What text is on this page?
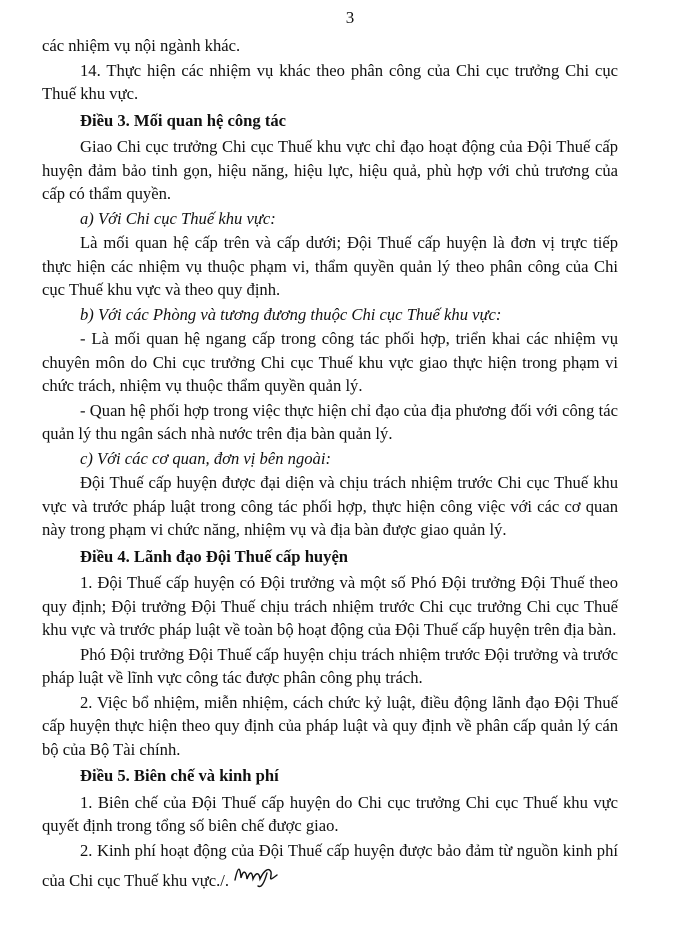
3

các nhiệm vụ nội ngành khác.

14. Thực hiện các nhiệm vụ khác theo phân công của Chi cục trưởng Chi cục Thuế khu vực.

Điều 3. Mối quan hệ công tác

Giao Chi cục trưởng Chi cục Thuế khu vực chỉ đạo hoạt động của Đội Thuế cấp huyện đảm bảo tinh gọn, hiệu năng, hiệu lực, hiệu quả, phù hợp với chủ trương của cấp có thẩm quyền.

a) Với Chi cục Thuế khu vực:

Là mối quan hệ cấp trên và cấp dưới; Đội Thuế cấp huyện là đơn vị trực tiếp thực hiện các nhiệm vụ thuộc phạm vi, thẩm quyền quản lý theo phân công của Chi cục Thuế khu vực và theo quy định.

b) Với các Phòng và tương đương thuộc Chi cục Thuế khu vực:

- Là mối quan hệ ngang cấp trong công tác phối hợp, triển khai các nhiệm vụ chuyên môn do Chi cục trưởng Chi cục Thuế khu vực giao thực hiện trong phạm vi chức trách, nhiệm vụ thuộc thẩm quyền quản lý.

- Quan hệ phối hợp trong việc thực hiện chỉ đạo của địa phương đối với công tác quản lý thu ngân sách nhà nước trên địa bàn quản lý.

c) Với các cơ quan, đơn vị bên ngoài:

Đội Thuế cấp huyện được đại diện và chịu trách nhiệm trước Chi cục Thuế khu vực và trước pháp luật trong công tác phối hợp, thực hiện công việc với các cơ quan này trong phạm vi chức năng, nhiệm vụ và địa bàn được giao quản lý.

Điều 4. Lãnh đạo Đội Thuế cấp huyện

1. Đội Thuế cấp huyện có Đội trưởng và một số Phó Đội trưởng Đội Thuế theo quy định; Đội trưởng Đội Thuế chịu trách nhiệm trước Chi cục trưởng Chi cục Thuế khu vực và trước pháp luật về toàn bộ hoạt động của Đội Thuế cấp huyện trên địa bàn.

Phó Đội trưởng Đội Thuế cấp huyện chịu trách nhiệm trước Đội trưởng và trước pháp luật về lĩnh vực công tác được phân công phụ trách.

2. Việc bổ nhiệm, miễn nhiệm, cách chức kỷ luật, điều động lãnh đạo Đội Thuế cấp huyện thực hiện theo quy định của pháp luật và quy định về phân cấp quản lý cán bộ của Bộ Tài chính.

Điều 5. Biên chế và kinh phí

1. Biên chế của Đội Thuế cấp huyện do Chi cục trưởng Chi cục Thuế khu vực quyết định trong tổng số biên chế được giao.

2. Kinh phí hoạt động của Đội Thuế cấp huyện được bảo đảm từ nguồn kinh phí của Chi cục Thuế khu vực./.
